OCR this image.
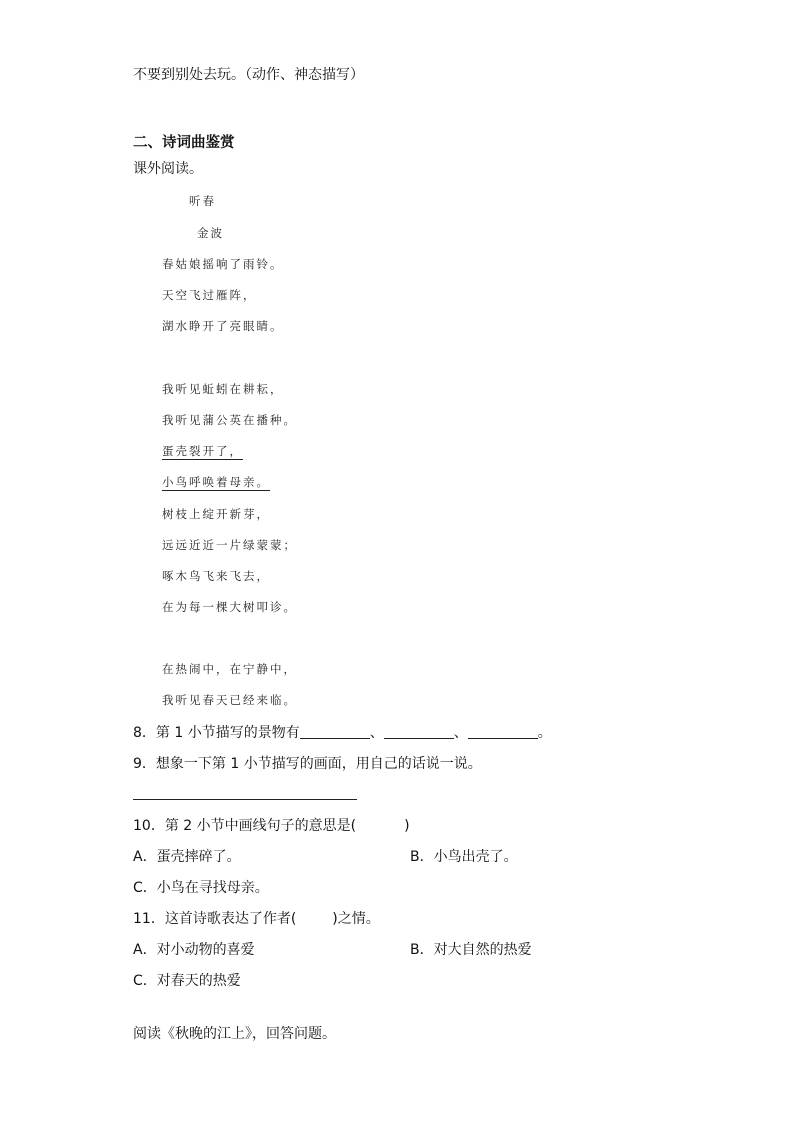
不要到别处去玩。（动作、神态描写）
二、诗词曲鉴赏
课外阅读。
听春
金波
春姑娘摇响了雨铃。
天空飞过雁阵，
湖水睁开了亮眼睛。
我听见蚯蚓在耕耘，
我听见蒲公英在播种。
蛋壳裂开了，
小鸟呼唤着母亲。
树枝上绽开新芽，
远远近近一片绿蒙蒙；
啄木鸟飞来飞去，
在为每一棵大树叩诊。
在热闹中，在宁静中，
我听见春天已经来临。
8．第 1 小节描写的景物有	、	、	。
9．想象一下第 1 小节描写的画面，用自己的话说一说。
10．第 2 小节中画线句子的意思是(	)
A．蛋壳摔碎了。	B．小鸟出壳了。
C．小鸟在寻找母亲。
11．这首诗歌表达了作者(	)之情。
A．对小动物的喜爱	B．对大自然的热爱
C．对春天的热爱
阅读《秋晚的江上》，回答问题。
